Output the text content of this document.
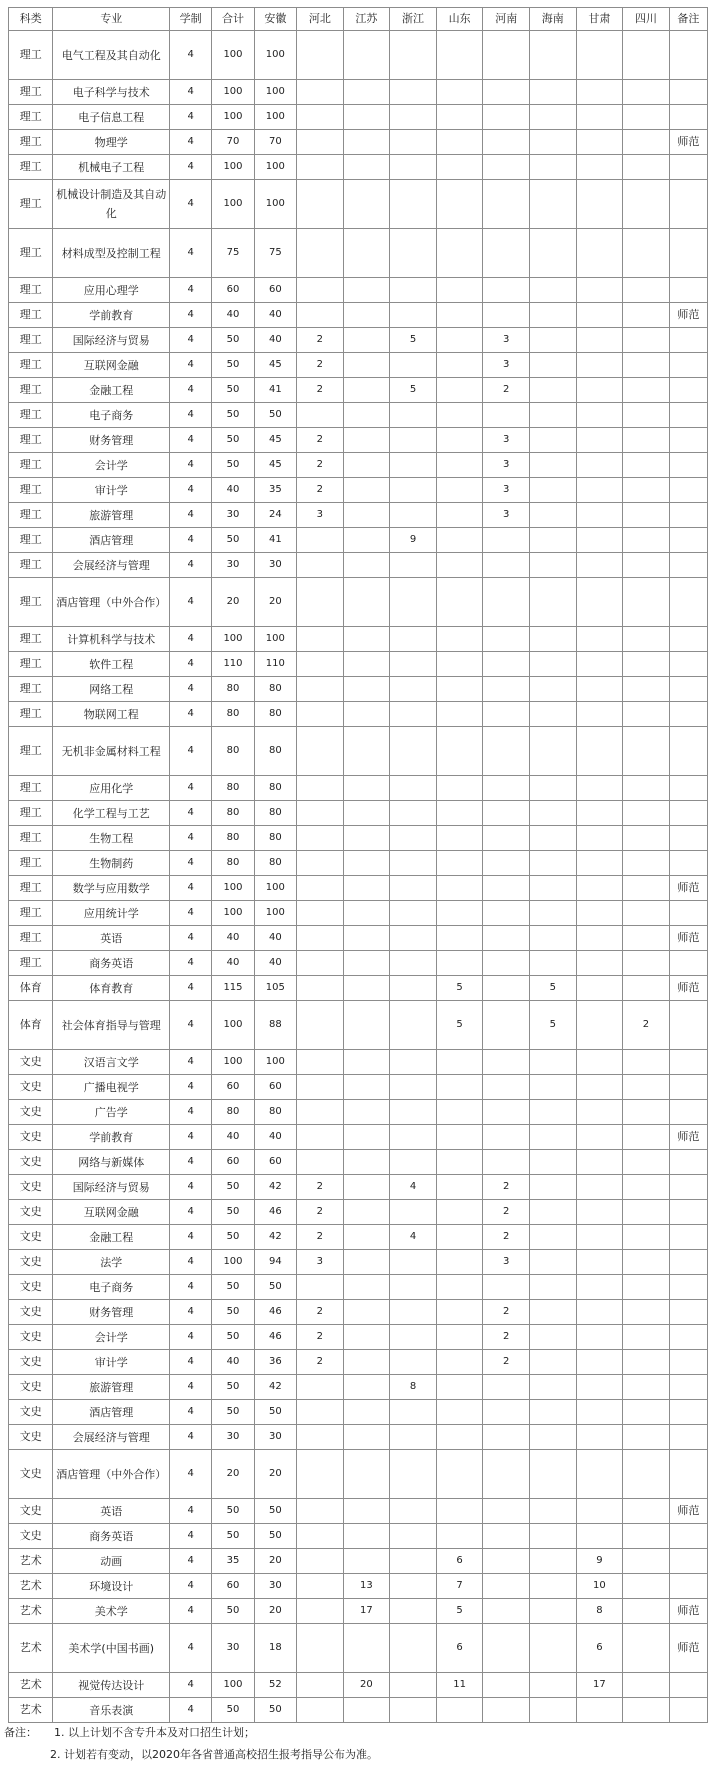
科类	专业	学制	合计	安徽	河北	江苏	浙江	山东	河南	海南	甘肃	四川	备注
理工	电气工程及其自动化	4	100	100									
理工	电子科学与技术	4	100	100									
理工	电子信息工程	4	100	100									
理工	物理学	4	70	70									师范
理工	机械电子工程	4	100	100									
理工	机械设计制造及其自动化	4	100	100									
理工	材料成型及控制工程	4	75	75									
理工	应用心理学	4	60	60									
理工	学前教育	4	40	40									师范
理工	国际经济与贸易	4	50	40	2		5		3				
理工	互联网金融	4	50	45	2				3				
理工	金融工程	4	50	41	2		5		2				
理工	电子商务	4	50	50									
理工	财务管理	4	50	45	2				3				
理工	会计学	4	50	45	2				3				
理工	审计学	4	40	35	2				3				
理工	旅游管理	4	30	24	3				3				
理工	酒店管理	4	50	41			9						
理工	会展经济与管理	4	30	30									
理工	酒店管理（中外合作）	4	20	20									
理工	计算机科学与技术	4	100	100									
理工	软件工程	4	110	110									
理工	网络工程	4	80	80									
理工	物联网工程	4	80	80									
理工	无机非金属材料工程	4	80	80									
理工	应用化学	4	80	80									
理工	化学工程与工艺	4	80	80									
理工	生物工程	4	80	80									
理工	生物制药	4	80	80									
理工	数学与应用数学	4	100	100									师范
理工	应用统计学	4	100	100									
理工	英语	4	40	40									师范
理工	商务英语	4	40	40									
体育	体育教育	4	115	105				5		5			师范
体育	社会体育指导与管理	4	100	88				5		5		2	
文史	汉语言文学	4	100	100									
文史	广播电视学	4	60	60									
文史	广告学	4	80	80									
文史	学前教育	4	40	40									师范
文史	网络与新媒体	4	60	60									
文史	国际经济与贸易	4	50	42	2		4		2				
文史	互联网金融	4	50	46	2				2				
文史	金融工程	4	50	42	2		4		2				
文史	法学	4	100	94	3				3				
文史	电子商务	4	50	50									
文史	财务管理	4	50	46	2				2				
文史	会计学	4	50	46	2				2				
文史	审计学	4	40	36	2				2				
文史	旅游管理	4	50	42			8						
文史	酒店管理	4	50	50									
文史	会展经济与管理	4	30	30									
文史	酒店管理（中外合作）	4	20	20									
文史	英语	4	50	50									师范
文史	商务英语	4	50	50									
艺术	动画	4	35	20				6			9		
艺术	环境设计	4	60	30		13		7			10		
艺术	美术学	4	50	20		17		5			8		师范
艺术	美术学(中国书画)	4	30	18				6			6		师范
艺术	视觉传达设计	4	100	52		20		11			17		
艺术	音乐表演	4	50	50									
备注： 1. 以上计划不含专升本及对口招生计划；
2. 计划若有变动，以2020年各省普通高校招生报考指导公布为准。
